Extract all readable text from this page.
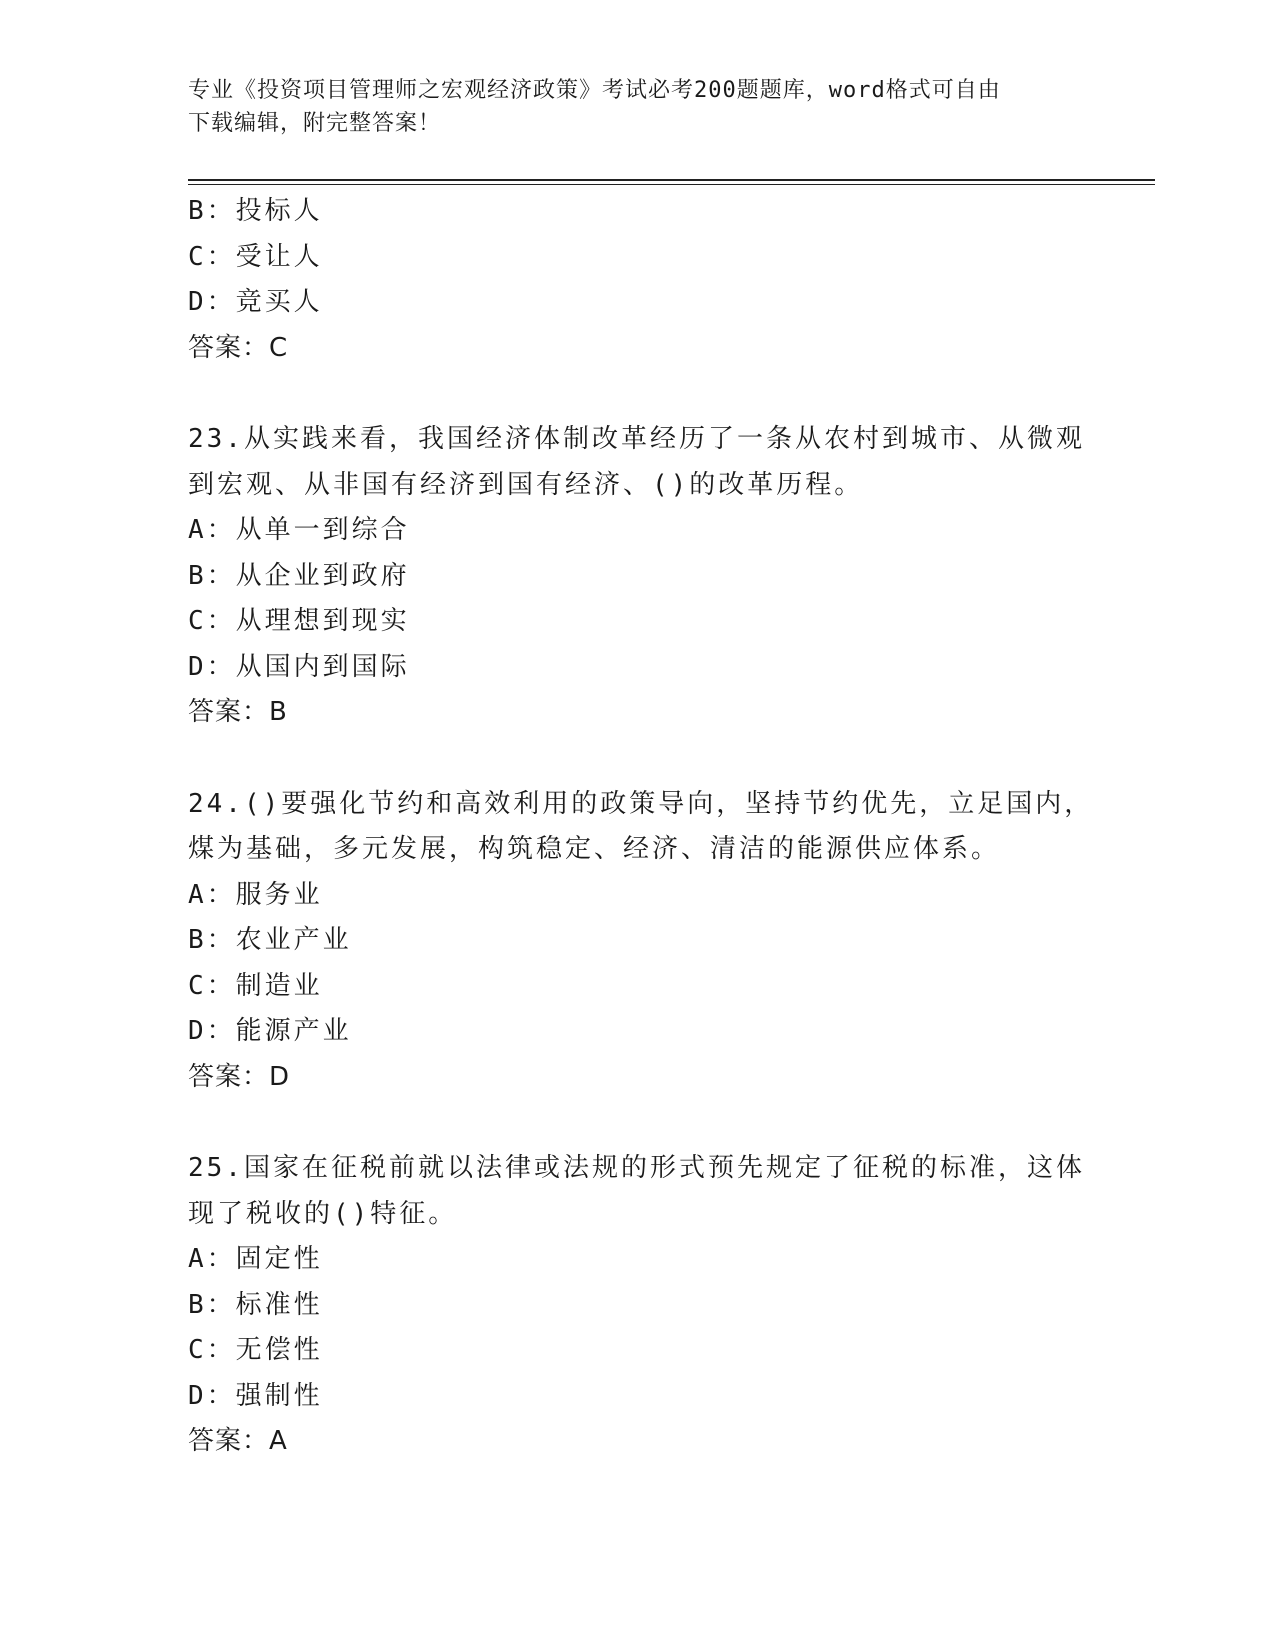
专业《投资项目管理师之宏观经济政策》考试必考200题题库，word格式可自由
下载编辑，附完整答案！
B：投标人
C：受让人
D：竞买人
答案：C
23.从实践来看，我国经济体制改革经历了一条从农村到城市、从微观
到宏观、从非国有经济到国有经济、()的改革历程。
A：从单一到综合
B：从企业到政府
C：从理想到现实
D：从国内到国际
答案：B
24.()要强化节约和高效利用的政策导向，坚持节约优先，立足国内，
煤为基础，多元发展，构筑稳定、经济、清洁的能源供应体系。
A：服务业
B：农业产业
C：制造业
D：能源产业
答案：D
25.国家在征税前就以法律或法规的形式预先规定了征税的标准，这体
现了税收的()特征。
A：固定性
B：标准性
C：无偿性
D：强制性
答案：A
